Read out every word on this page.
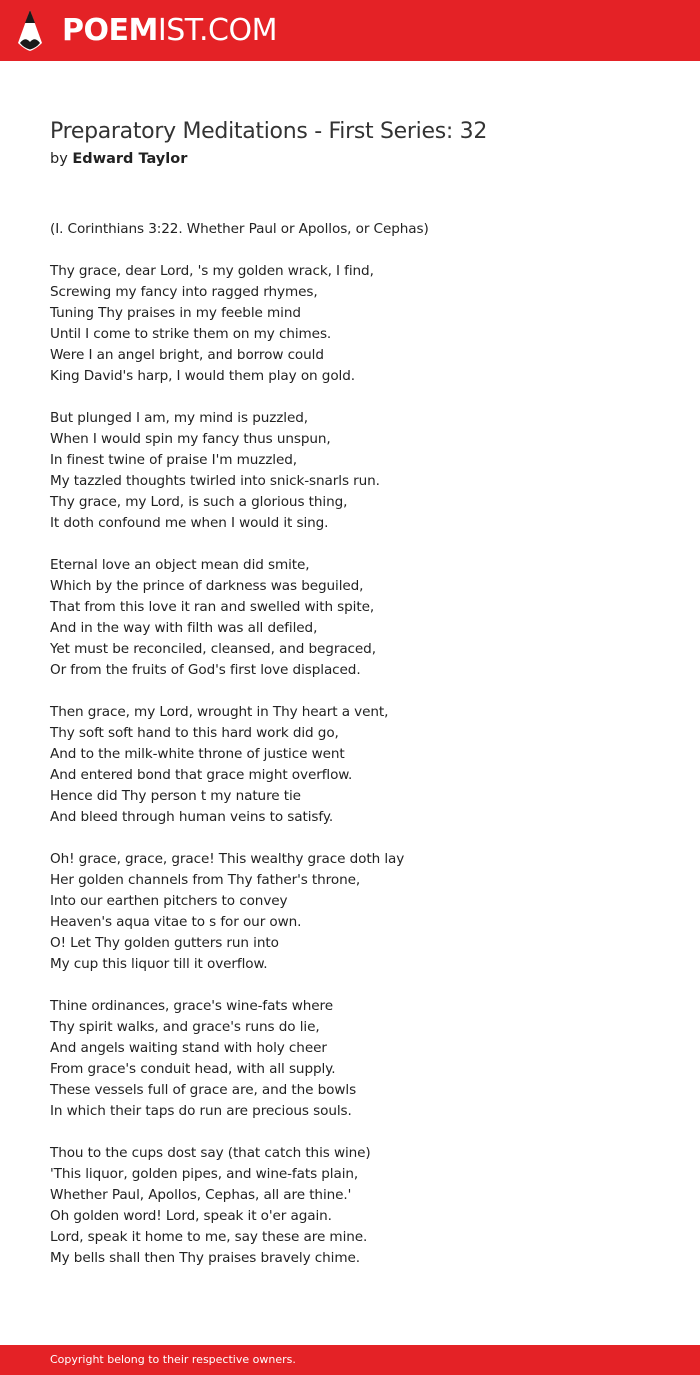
POEMIST.COM
Preparatory Meditations - First Series: 32
by Edward Taylor
(I. Corinthians 3:22. Whether Paul or Apollos, or Cephas)
Thy grace, dear Lord, 's my golden wrack, I find,
Screwing my fancy into ragged rhymes,
Tuning Thy praises in my feeble mind
Until I come to strike them on my chimes.
Were I an angel bright, and borrow could
King David's harp, I would them play on gold.
But plunged I am, my mind is puzzled,
When I would spin my fancy thus unspun,
In finest twine of praise I'm muzzled,
My tazzled thoughts twirled into snick-snarls run.
Thy grace, my Lord, is such a glorious thing,
It doth confound me when I would it sing.
Eternal love an object mean did smite,
Which by the prince of darkness was beguiled,
That from this love it ran and swelled with spite,
And in the way with filth was all defiled,
Yet must be reconciled, cleansed, and begraced,
Or from the fruits of God's first love displaced.
Then grace, my Lord, wrought in Thy heart a vent,
Thy soft soft hand to this hard work did go,
And to the milk-white throne of justice went
And entered bond that grace might overflow.
Hence did Thy person t my nature tie
And bleed through human veins to satisfy.
Oh! grace, grace, grace! This wealthy grace doth lay
Her golden channels from Thy father's throne,
Into our earthen pitchers to convey
Heaven's aqua vitae to s for our own.
O! Let Thy golden gutters run into
My cup this liquor till it overflow.
Thine ordinances, grace's wine-fats where
Thy spirit walks, and grace's runs do lie,
And angels waiting stand with holy cheer
From grace's conduit head, with all supply.
These vessels full of grace are, and the bowls
In which their taps do run are precious souls.
Thou to the cups dost say (that catch this wine)
'This liquor, golden pipes, and wine-fats plain,
Whether Paul, Apollos, Cephas, all are thine.'
Oh golden word! Lord, speak it o'er again.
Lord, speak it home to me, say these are mine.
My bells shall then Thy praises bravely chime.
Copyright belong to their respective owners.
